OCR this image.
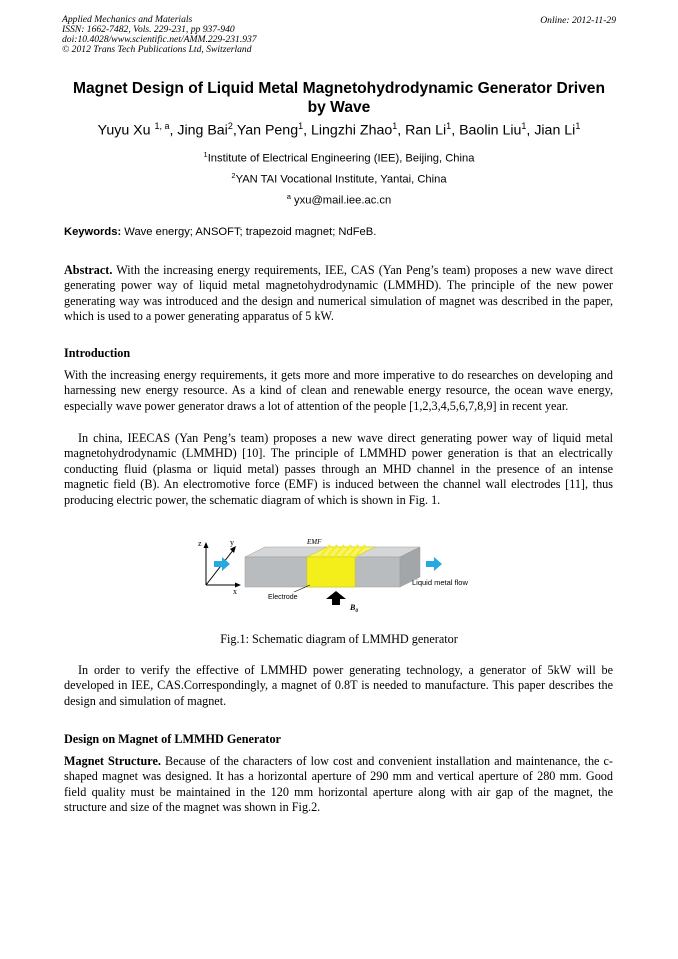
Applied Mechanics and Materials
ISSN: 1662-7482, Vols. 229-231, pp 937-940
doi:10.4028/www.scientific.net/AMM.229-231.937
© 2012 Trans Tech Publications Ltd, Switzerland
Online: 2012-11-29
Magnet Design of Liquid Metal Magnetohydrodynamic Generator Driven
by Wave
Yuyu Xu $^{1, a}$, Jing Bai$^2$,Yan Peng$^1$, Lingzhi Zhao$^1$, Ran Li$^1$, Baolin Liu$^1$, Jian Li$^1$
$^1$Institute of Electrical Engineering (IEE), Beijing, China
$^2$YAN TAI Vocational Institute, Yantai, China
$^a$ yxu@mail.iee.ac.cn
Keywords: Wave energy; ANSOFT; trapezoid magnet; NdFeB.
Abstract. With the increasing energy requirements, IEE, CAS (Yan Peng’s team) proposes a new wave direct generating power way of liquid metal magnetohydrodynamic (LMMHD). The principle of the new power generating way was introduced and the design and numerical simulation of magnet was described in the paper, which is used to a power generating apparatus of 5 kW.
Introduction
With the increasing energy requirements, it gets more and more imperative to do researches on developing and harnessing new energy resource. As a kind of clean and renewable energy resource, the ocean wave energy, especially wave power generator draws a lot of attention of the people [1,2,3,4,5,6,7,8,9] in recent year.
In china, IEECAS (Yan Peng’s team) proposes a new wave direct generating power way of liquid metal magnetohydrodynamic (LMMHD) [10]. The principle of LMMHD power generation is that an electrically conducting fluid (plasma or liquid metal) passes through an MHD channel in the presence of an intense magnetic field (B). An electromotive force (EMF) is induced between the channel wall electrodes [11], thus producing electric power, the schematic diagram of which is shown in Fig. 1.
z	y
x
EMF
Liquid metal flow
Electrode
$B_0$
Fig.1: Schematic diagram of LMMHD generator
In order to verify the effective of LMMHD power generating technology, a generator of 5kW will be developed in IEE, CAS.Correspondingly, a magnet of 0.8T is needed to manufacture. This paper describes the design and simulation of magnet.
Design on Magnet of LMMHD Generator
Magnet Structure. Because of the characters of low cost and convenient installation and maintenance, the c-shaped magnet was designed. It has a horizontal aperture of 290 mm and vertical aperture of 280 mm. Good field quality must be maintained in the 120 mm horizontal aperture along with air gap of the magnet, the structure and size of the magnet was shown in Fig.2.
